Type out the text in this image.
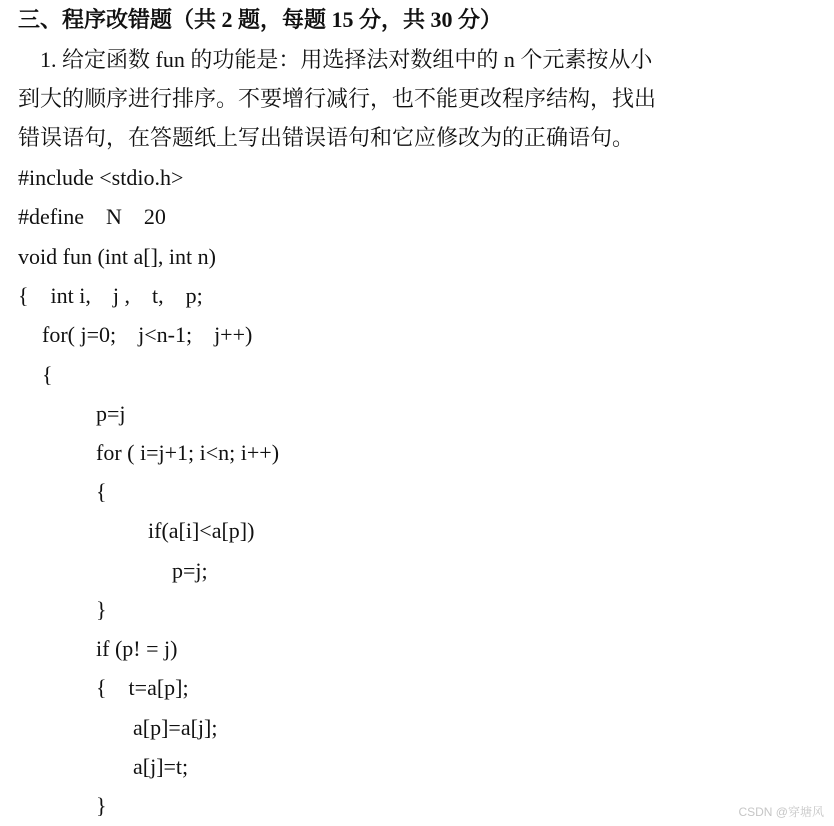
三、程序改错题（共 2 题，每题 15 分，共 30 分）
1. 给定函数 fun 的功能是：用选择法对数组中的 n 个元素按从小
到大的顺序进行排序。不要增行减行，也不能更改程序结构，找出
错误语句，在答题纸上写出错误语句和它应修改为的正确语句。
#include <stdio.h>
#define    N    20
void fun (int a[], int n)
{    int i,    j ,    t,    p;
for( j=0;    j<n-1;    j++)
{
p=j
for ( i=j+1; i<n; i++)
{
if(a[i]<a[p])
p=j;
}
if (p! = j)
{    t=a[p];
a[p]=a[j];
a[j]=t;
}	CSDN @穿塘风
